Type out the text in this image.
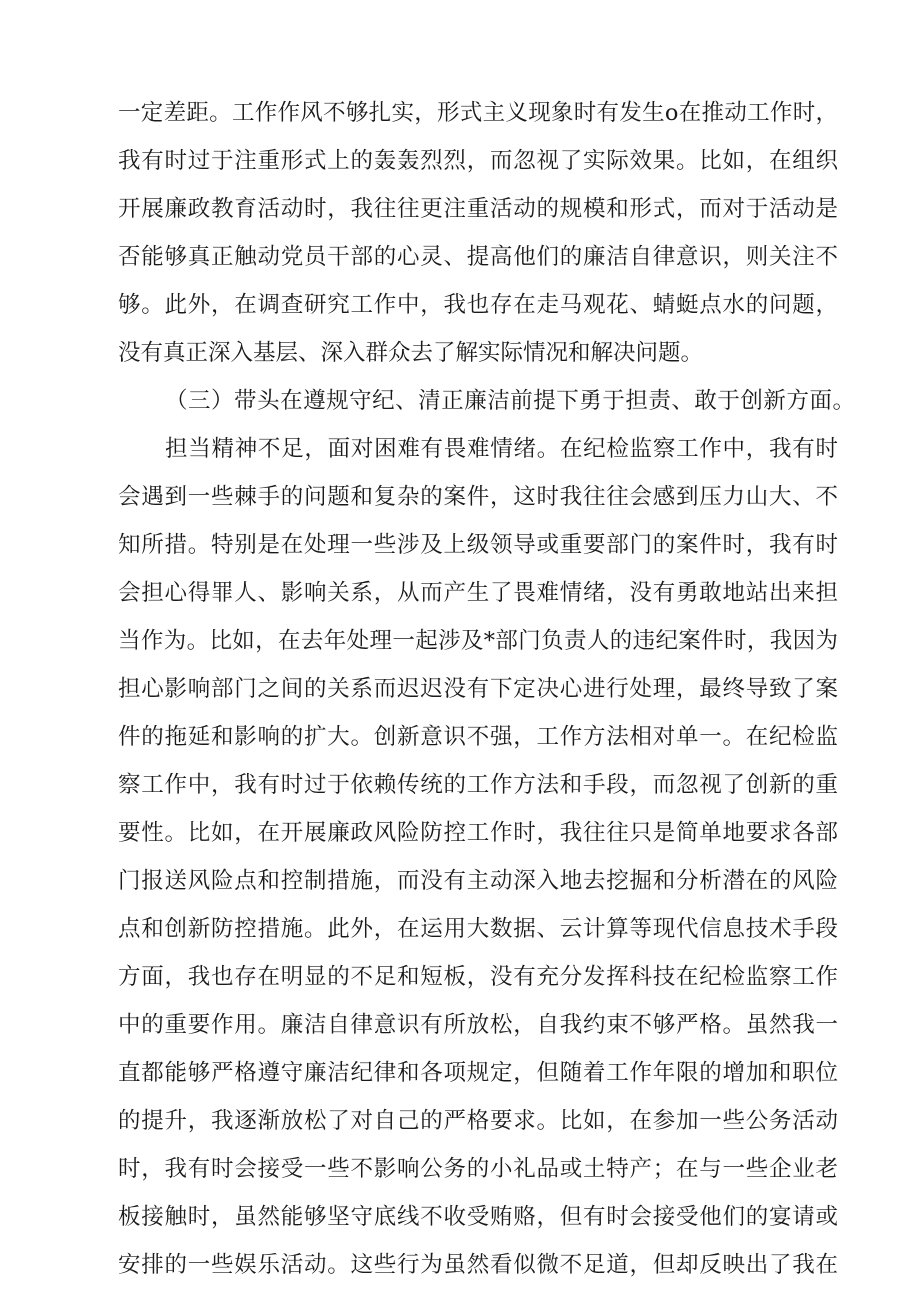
一定差距。工作作风不够扎实，形式主义现象时有发生o在推动工作时，
我有时过于注重形式上的轰轰烈烈，而忽视了实际效果。比如，在组织
开展廉政教育活动时，我往往更注重活动的规模和形式，而对于活动是
否能够真正触动党员干部的心灵、提高他们的廉洁自律意识，则关注不
够。此外，在调查研究工作中，我也存在走马观花、蜻蜓点水的问题，
没有真正深入基层、深入群众去了解实际情况和解决问题。
（三）带头在遵规守纪、清正廉洁前提下勇于担责、敢于创新方面。
担当精神不足，面对困难有畏难情绪。在纪检监察工作中，我有时
会遇到一些棘手的问题和复杂的案件，这时我往往会感到压力山大、不
知所措。特别是在处理一些涉及上级领导或重要部门的案件时，我有时
会担心得罪人、影响关系，从而产生了畏难情绪，没有勇敢地站出来担
当作为。比如，在去年处理一起涉及*部门负责人的违纪案件时，我因为
担心影响部门之间的关系而迟迟没有下定决心进行处理，最终导致了案
件的拖延和影响的扩大。创新意识不强，工作方法相对单一。在纪检监
察工作中，我有时过于依赖传统的工作方法和手段，而忽视了创新的重
要性。比如，在开展廉政风险防控工作时，我往往只是简单地要求各部
门报送风险点和控制措施，而没有主动深入地去挖掘和分析潜在的风险
点和创新防控措施。此外，在运用大数据、云计算等现代信息技术手段
方面，我也存在明显的不足和短板，没有充分发挥科技在纪检监察工作
中的重要作用。廉洁自律意识有所放松，自我约束不够严格。虽然我一
直都能够严格遵守廉洁纪律和各项规定，但随着工作年限的增加和职位
的提升，我逐渐放松了对自己的严格要求。比如，在参加一些公务活动
时，我有时会接受一些不影响公务的小礼品或土特产；在与一些企业老
板接触时，虽然能够坚守底线不收受贿赂，但有时会接受他们的宴请或
安排的一些娱乐活动。这些行为虽然看似微不足道，但却反映出了我在
